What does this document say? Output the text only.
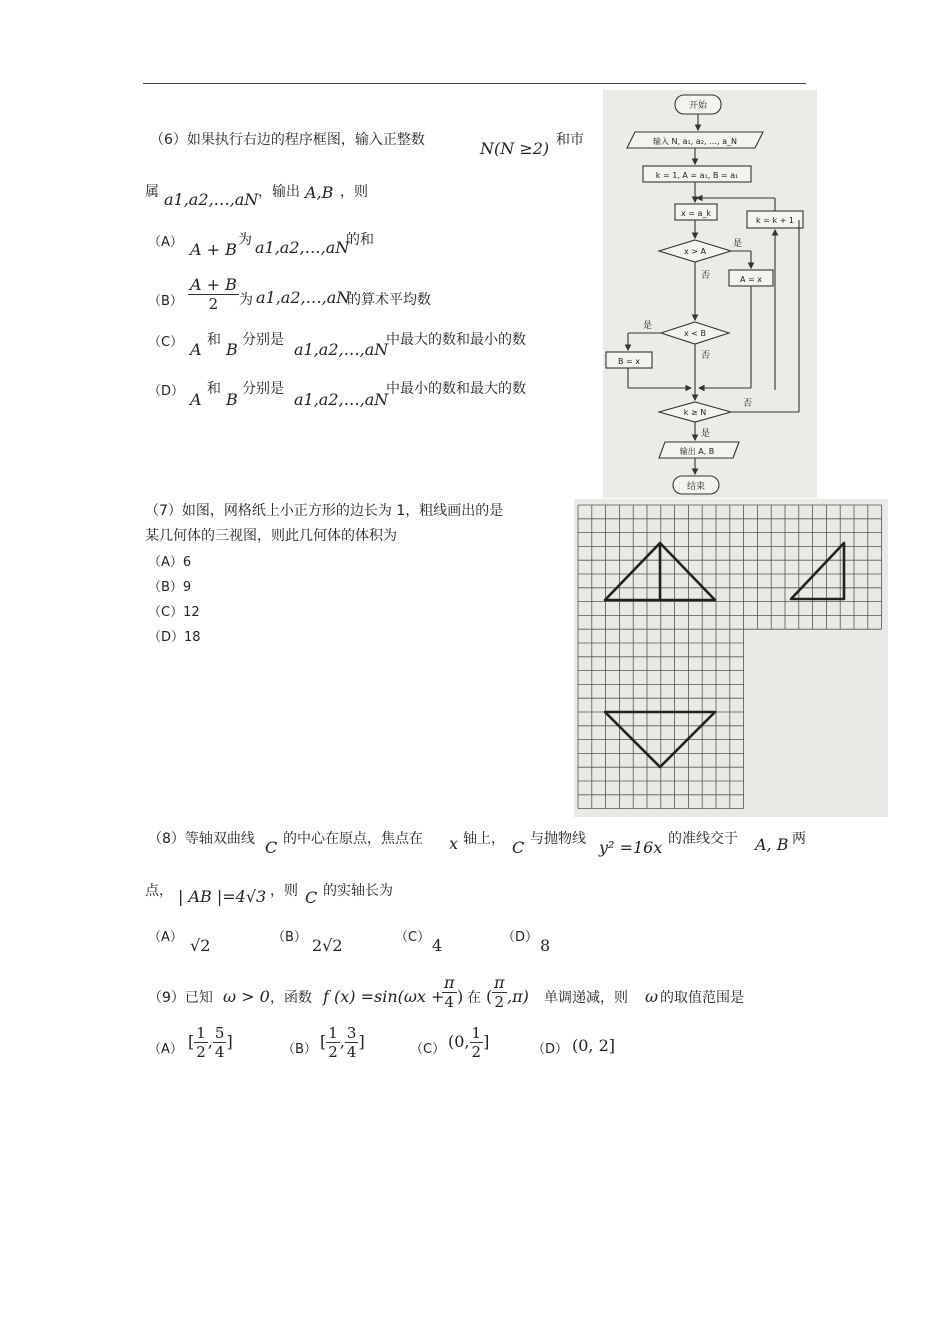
（6）如果执行右边的程序框图，输入正整数	N(N ≥2) 和市
属 a1,a2,…,aN ，输出 A,B ，则
（A） A + B 为 a1,a2,…,aN
的和
$(B) \frac{A + B}{2}$ 为 a1,a2,…,aN
的算术平均数
（C） A 和 B 分别是 a1,a2,…,aN
中最大的数和最小的数
（D） A
和
B
分别是
a1,a2,…,aN
中最小的数和最大的数
开始
输入 N, a₁, a₂, …, a_N
k = 1, A = a₁, B = a₁
x = a_k
k = k + 1
x > A
是
否	A = x
x < B
是
否
B = x
k ≥ N
否
是
输出 A, B
结束
（7）如图，网格纸上小正方形的边长为 1，粗线画出的是
某几何体的三视图，则此几何体的体积为
（A）6
（B）9
（C）12
（D）18
（8）等轴双曲线 C 的中心在原点，焦点在 x 轴上， C 与抛物线 y² =16x 的准线交于 A, B 两
点， | AB |=4√3 ，则 C 的实轴长为
（A） √2	（B） 2√2	（C） 4	（D） 8
（9）已知 ω > 0 ，函数 f (x) =sin(ωx +
$\frac{\pi}{4}$ ) 在 ( $\frac{\pi}{2} ,\pi$) 单调递减，则 ω 的取值范围是
（A） [ $\frac{1}{2}$ , $\frac{5}{4}$ ]	（B） [ $\frac{1}{2}$ , $\frac{3}{4}$ ]	（C） (0, $\frac{1}{2}$ ]	（D） (0, 2]
